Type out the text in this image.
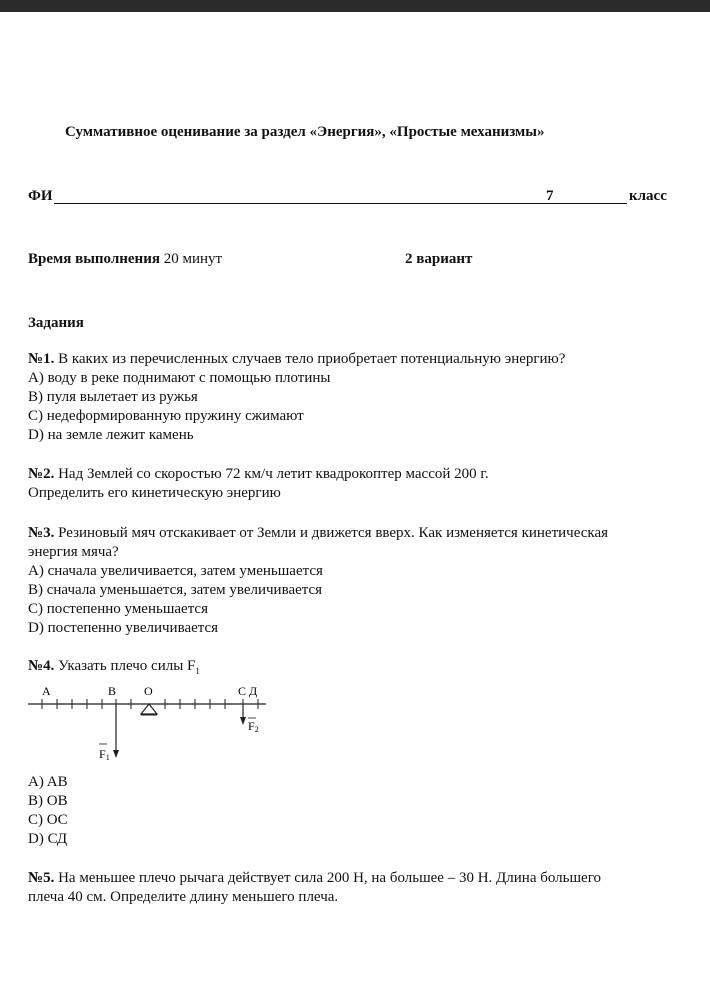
Суммативное оценивание за раздел «Энергия», «Простые механизмы»
ФИ	7	класс
Время выполнения 20 минут	2 вариант
Задания

№1. В каких из перечисленных случаев тело приобретает потенциальную энергию?

A) воду в реке поднимают с помощью плотины

B) пуля вылетает из ружья

C) недеформированную пружину сжимают

D) на земле лежит камень

№2. Над Землей со скоростью 72 км/ч летит квадрокоптер массой 200 г.

Определить его кинетическую энергию

№3. Резиновый мяч отскакивает от Земли и движется вверх. Как изменяется кинетическая

энергия мяча?

A) сначала увеличивается, затем уменьшается

B) сначала уменьшается, затем увеличивается

C) постепенно уменьшается

D) постепенно увеличивается

№4. Указать плечо силы $F_1$

A	B O	C Д
F1
F2

A) AB

B) OB

C) OC

D) СД

№5. На меньшее плечо рычага действует сила 200 Н, на большее – 30 Н. Длина большего

плеча 40 см. Определите длину меньшего плеча.
